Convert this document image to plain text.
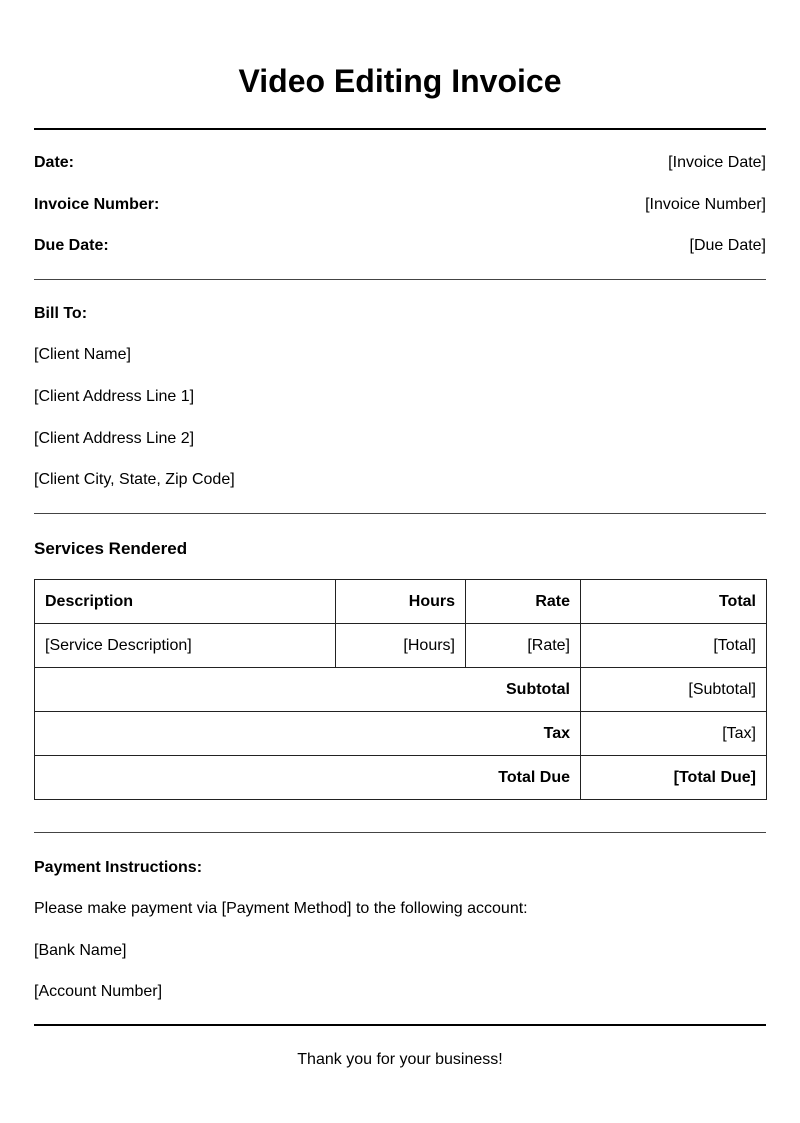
Video Editing Invoice
Date:	[Invoice Date]
Invoice Number:	[Invoice Number]
Due Date:	[Due Date]
Bill To:
[Client Name]
[Client Address Line 1]
[Client Address Line 2]
[Client City, State, Zip Code]
Services Rendered
Description	Hours	Rate	Total
[Service Description]	[Hours]	[Rate]	[Total]
Subtotal			[Subtotal]
Tax			[Tax]
Total Due			[Total Due]
Payment Instructions:
Please make payment via [Payment Method] to the following account:
[Bank Name]
[Account Number]
Thank you for your business!
